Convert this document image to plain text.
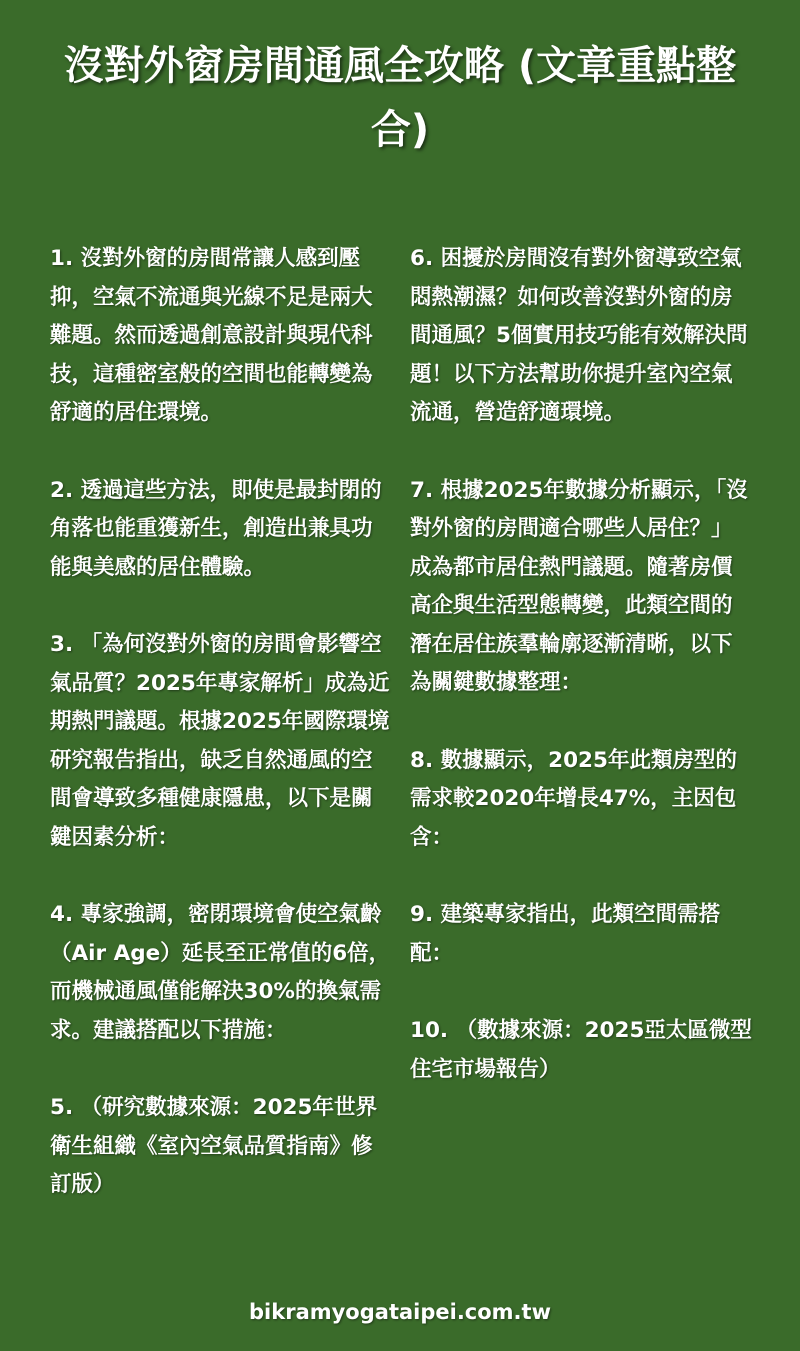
沒對外窗房間通風全攻略 (文章重點整合)
1. 沒對外窗的房間常讓人感到壓抑，空氣不流通與光線不足是兩大難題。然而透過創意設計與現代科技，這種密室般的空間也能轉變為舒適的居住環境。
2. 透過這些方法，即使是最封閉的角落也能重獲新生，創造出兼具功能與美感的居住體驗。
3. 「為何沒對外窗的房間會影響空氣品質？2025年專家解析」成為近期熱門議題。根據2025年國際環境研究報告指出，缺乏自然通風的空間會導致多種健康隱患，以下是關鍵因素分析：
4. 專家強調，密閉環境會使空氣齡（Air Age）延長至正常值的6倍，而機械通風僅能解決30%的換氣需求。建議搭配以下措施：
5. （研究數據來源：2025年世界衛生組織《室內空氣品質指南》修訂版）
6. 困擾於房間沒有對外窗導致空氣悶熱潮濕？如何改善沒對外窗的房間通風？5個實用技巧能有效解決問題！以下方法幫助你提升室內空氣流通，營造舒適環境。
7. 根據2025年數據分析顯示，「沒對外窗的房間適合哪些人居住？」成為都市居住熱門議題。隨著房價高企與生活型態轉變，此類空間的潛在居住族羣輪廓逐漸清晰，以下為關鍵數據整理：
8. 數據顯示，2025年此類房型的需求較2020年增長47%，主因包含：
9. 建築專家指出，此類空間需搭配：
10. （數據來源：2025亞太區微型住宅市場報告）
bikramyogataipei.com.tw
